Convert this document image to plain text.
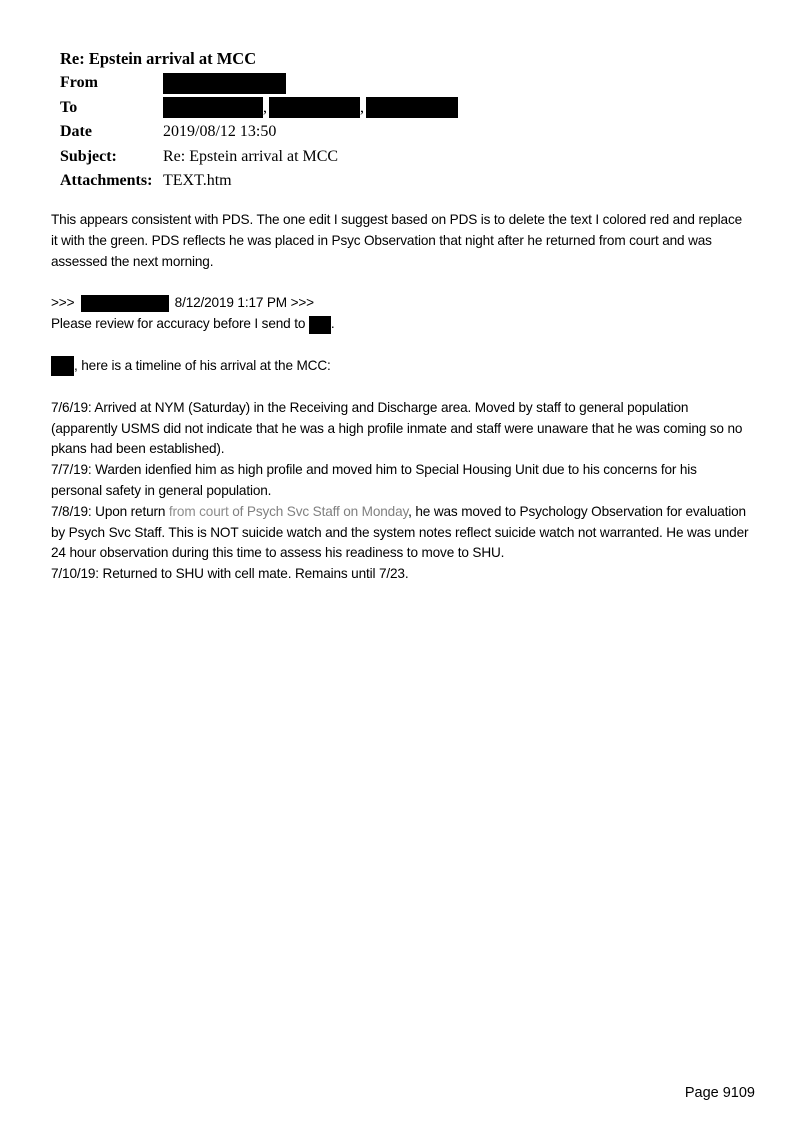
Re: Epstein arrival at MCC
From
To	,	,
Date	2019/08/12 13:50
Subject:	Re: Epstein arrival at MCC
Attachments: TEXT.htm

This appears consistent with PDS. The one edit I suggest based on PDS is to delete the text I colored red and replace it with the green. PDS reflects he was placed in Psyc Observation that night after he returned from court and was assessed the next morning.

>>>	8/12/2019 1:17 PM >>>

Please review for accuracy before I send to .

, here is a timeline of his arrival at the MCC:

7/6/19: Arrived at NYM (Saturday) in the Receiving and Discharge area. Moved by staff to general population (apparently USMS did not indicate that he was a high profile inmate and staff were unaware that he was coming so no pkans had been established).

7/7/19: Warden idenfied him as high profile and moved him to Special Housing Unit due to his concerns for his personal safety in general population.

7/8/19: Upon return from court of Psych Svc Staff on Monday, he was moved to Psychology Observation for evaluation by Psych Svc Staff. This is NOT suicide watch and the system notes reflect suicide watch not warranted. He was under 24 hour observation during this time to assess his readiness to move to SHU.

7/10/19: Returned to SHU with cell mate. Remains until 7/23.

Page 9109
